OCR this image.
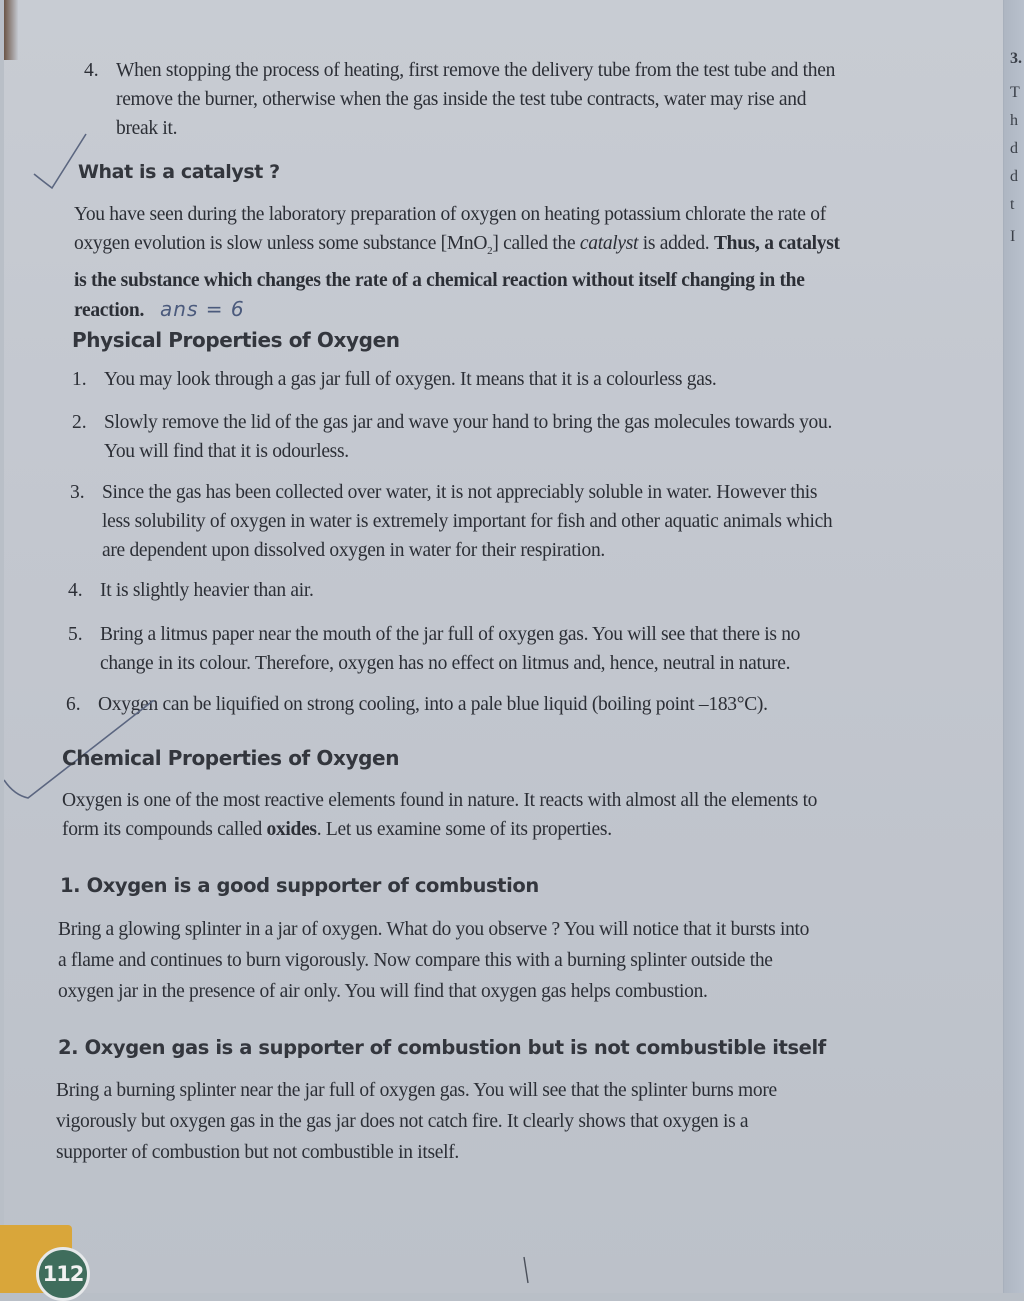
4. When stopping the process of heating, first remove the delivery tube from the test tube and then
remove the burner, otherwise when the gas inside the test tube contracts, water may rise and
break it.
What is a catalyst ?
You have seen during the laboratory preparation of oxygen on heating potassium chlorate the rate of
oxygen evolution is slow unless some substance [MnO$_2$] called the catalyst is added. Thus, a catalyst
is the substance which changes the rate of a chemical reaction without itself changing in the
reaction. ans = 6
Physical Properties of Oxygen
1. You may look through a gas jar full of oxygen. It means that it is a colourless gas.
2. Slowly remove the lid of the gas jar and wave your hand to bring the gas molecules towards you.
You will find that it is odourless.
3. Since the gas has been collected over water, it is not appreciably soluble in water. However this
less solubility of oxygen in water is extremely important for fish and other aquatic animals which
are dependent upon dissolved oxygen in water for their respiration.
4. It is slightly heavier than air.
5. Bring a litmus paper near the mouth of the jar full of oxygen gas. You will see that there is no
change in its colour. Therefore, oxygen has no effect on litmus and, hence, neutral in nature.
6. Oxygen can be liquified on strong cooling, into a pale blue liquid (boiling point –183°C).
Chemical Properties of Oxygen
Oxygen is one of the most reactive elements found in nature. It reacts with almost all the elements to
form its compounds called oxides. Let us examine some of its properties.
1. Oxygen is a good supporter of combustion
Bring a glowing splinter in a jar of oxygen. What do you observe ? You will notice that it bursts into
a flame and continues to burn vigorously. Now compare this with a burning splinter outside the
oxygen jar in the presence of air only. You will find that oxygen gas helps combustion.
2. Oxygen gas is a supporter of combustion but is not combustible itself
Bring a burning splinter near the jar full of oxygen gas. You will see that the splinter burns more
vigorously but oxygen gas in the gas jar does not catch fire. It clearly shows that oxygen is a
supporter of combustion but not combustible in itself.
112
3.
T
h
d
d
t
I
